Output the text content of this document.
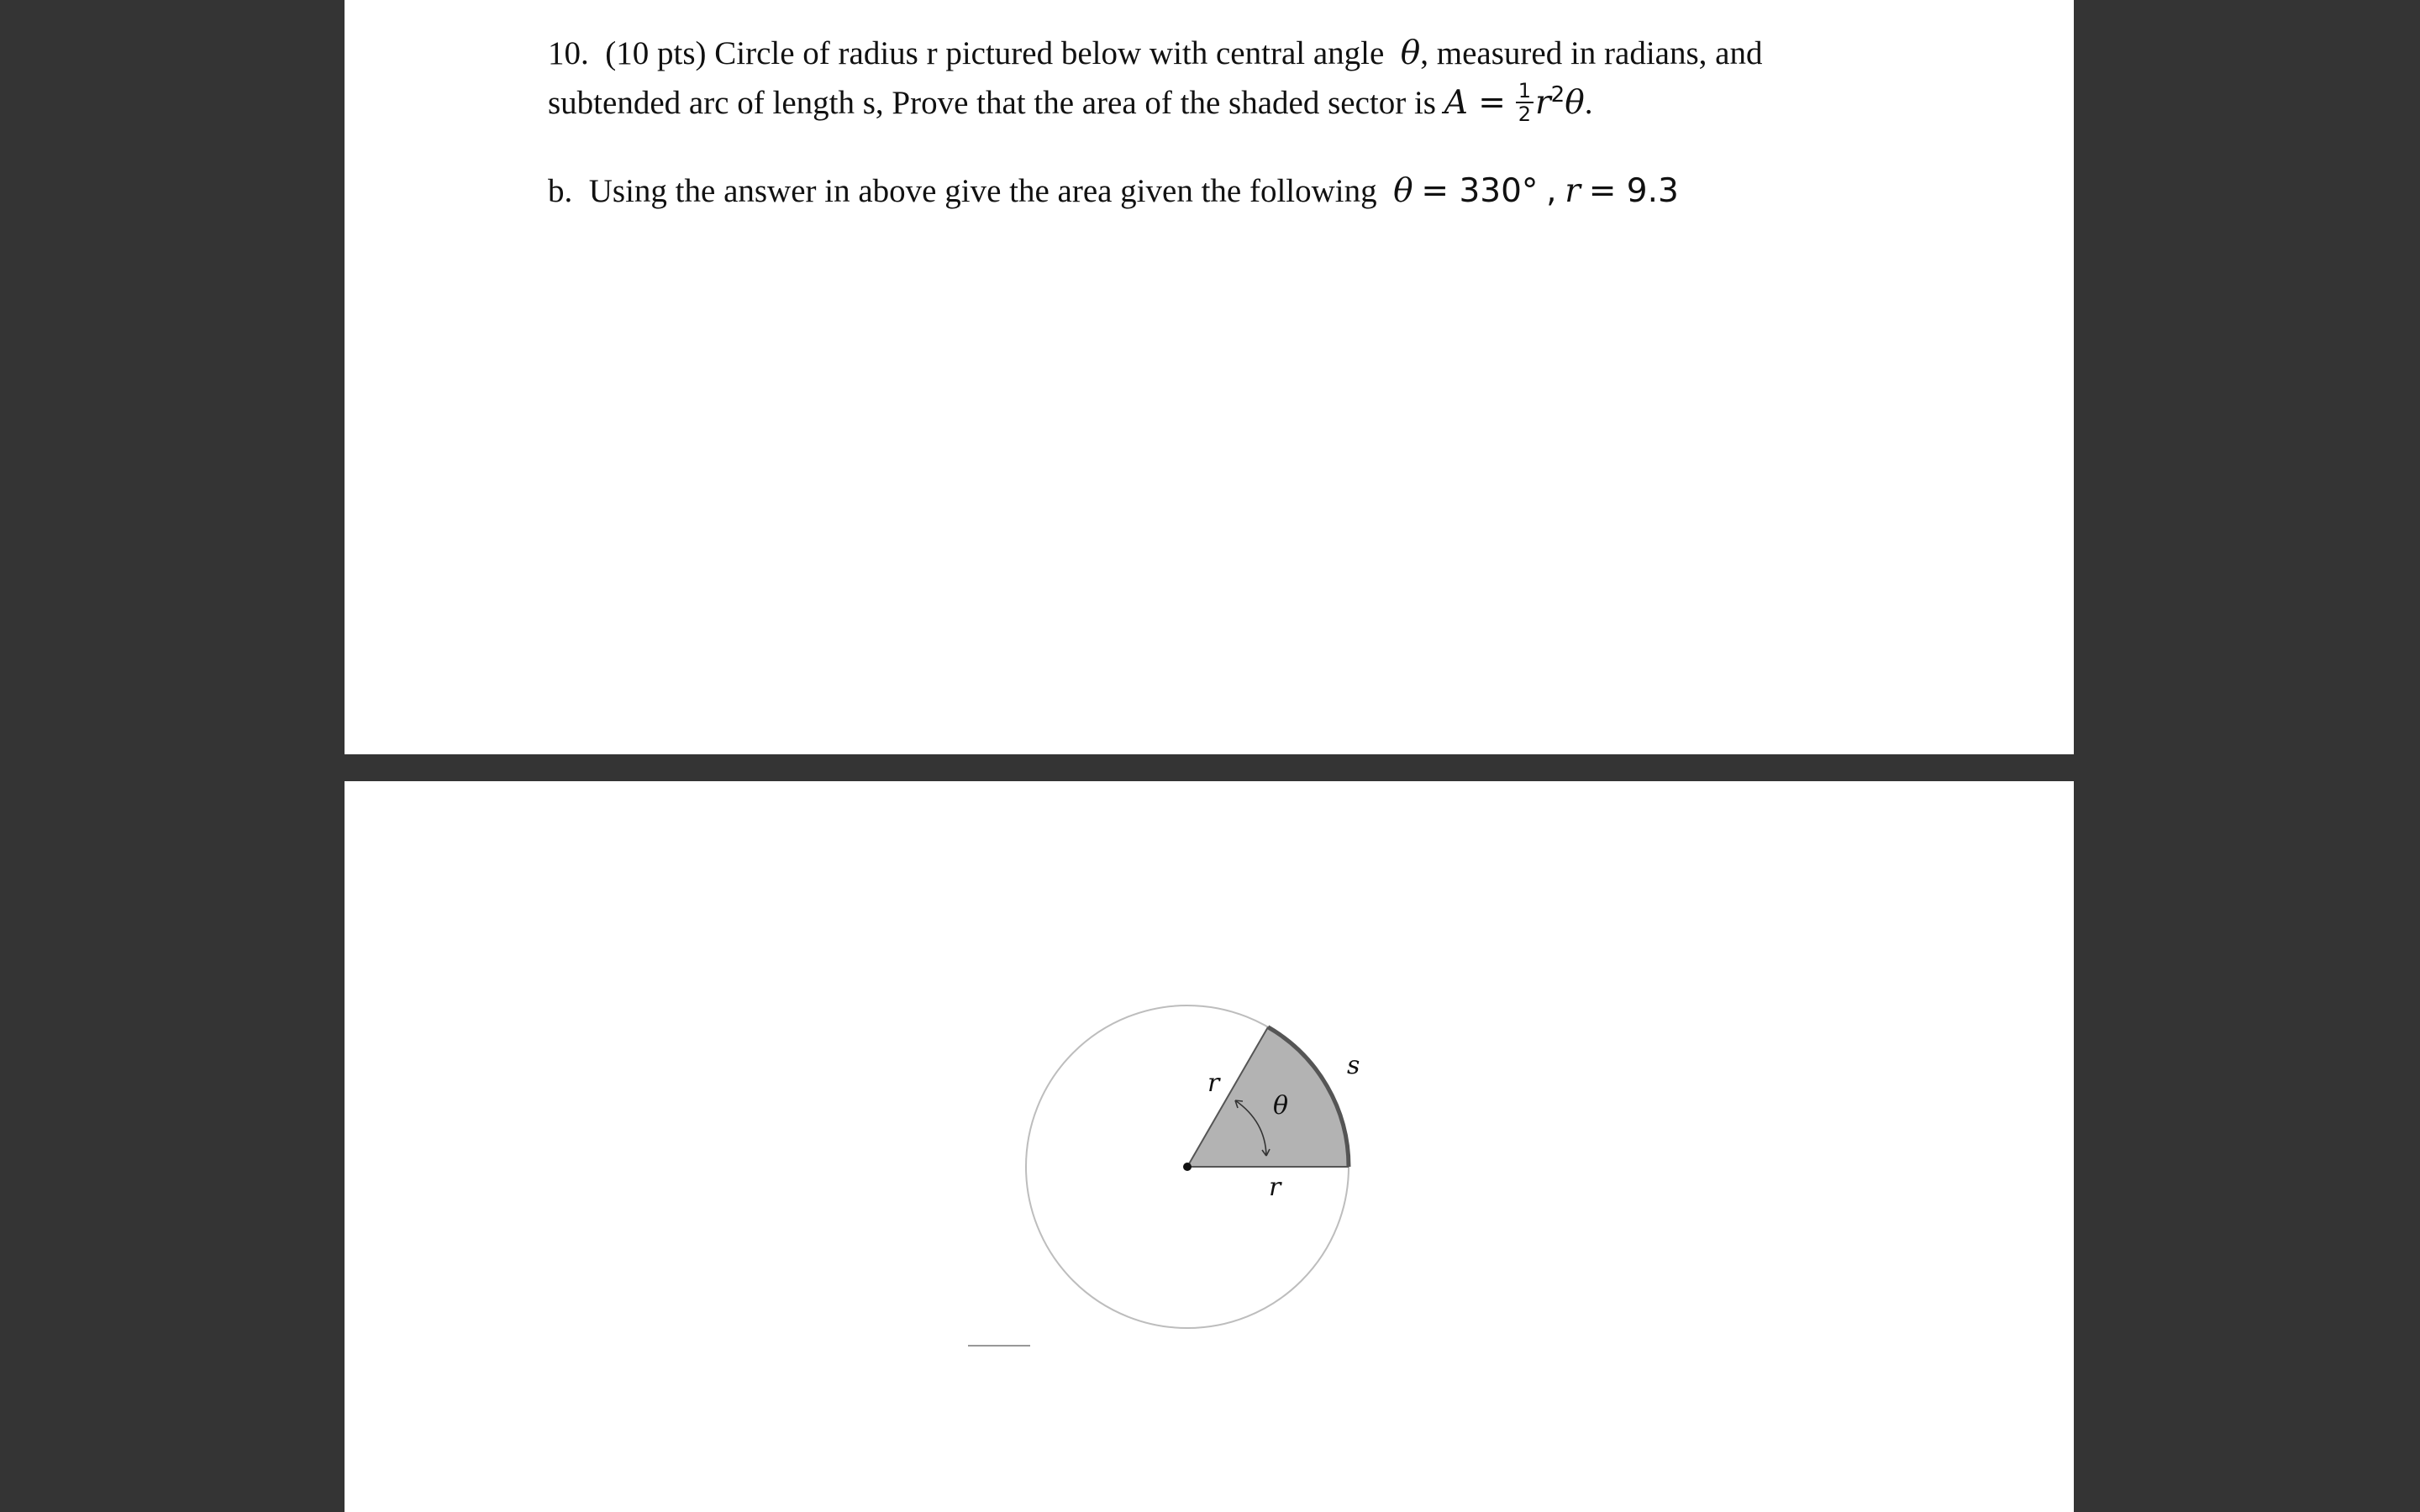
10. (10 pts) Circle of radius r pictured below with central angle θ, measured in radians, and
subtended arc of length s, Prove that the area of the shaded sector is $A = \frac{1}{2} r^2\theta$.
b. Using the answer in above give the area given the following θ = 330° , r = 9.3
r
r
θ
s
